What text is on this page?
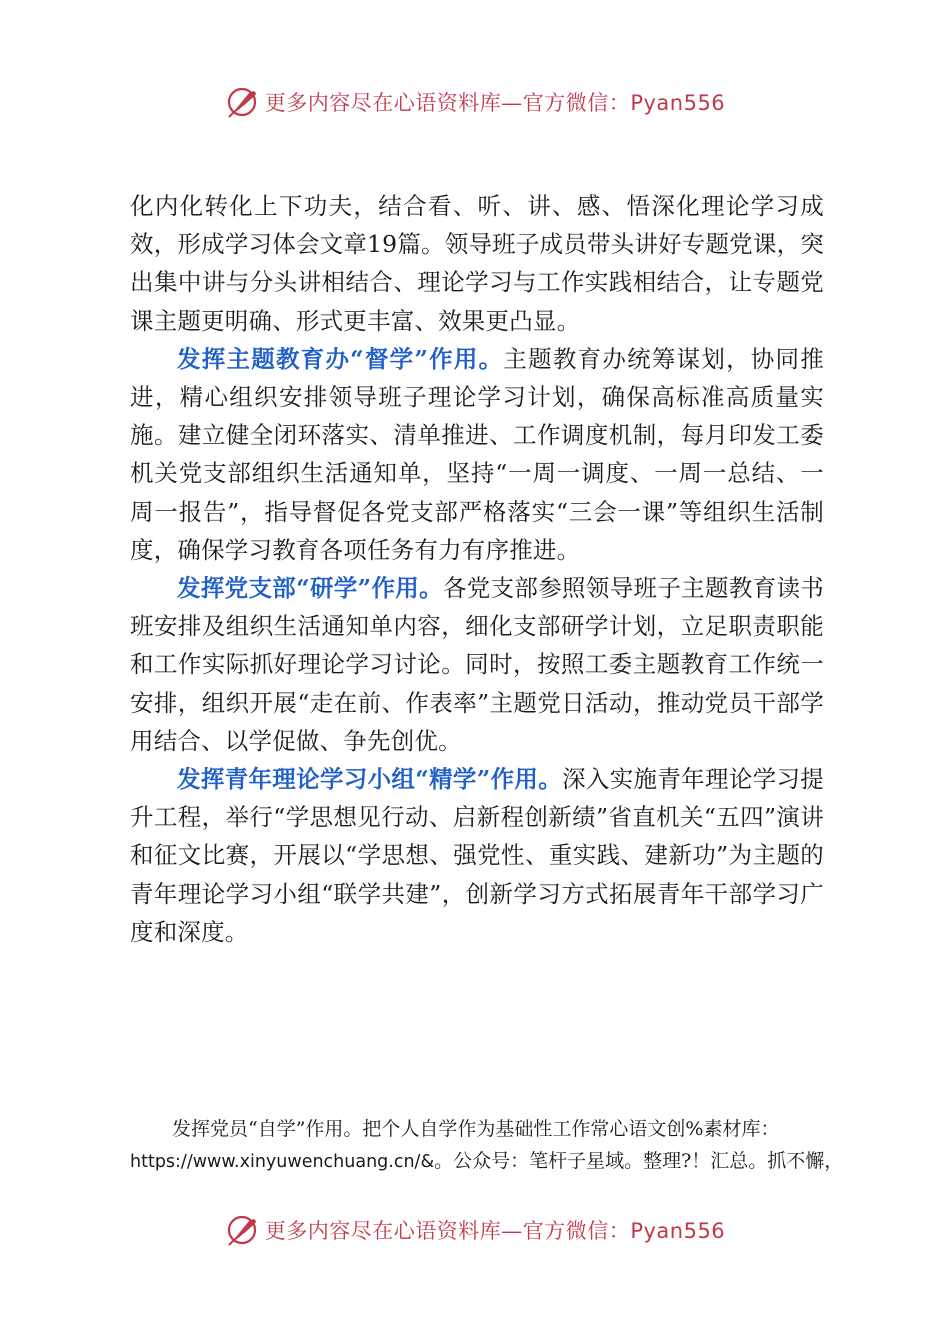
更多内容尽在心语资料库—官方微信：Pyan556

化内化转化上下功夫，结合看、听、讲、感、悟深化理论学习成效，形成学习体会文章19篇。领导班子成员带头讲好专题党课，突出集中讲与分头讲相结合、理论学习与工作实践相结合，让专题党课主题更明确、形式更丰富、效果更凸显。

发挥主题教育办“督学”作用。主题教育办统筹谋划，协同推进，精心组织安排领导班子理论学习计划，确保高标准高质量实施。建立健全闭环落实、清单推进、工作调度机制，每月印发工委机关党支部组织生活通知单，坚持“一周一调度、一周一总结、一周一报告”，指导督促各党支部严格落实“三会一课”等组织生活制度，确保学习教育各项任务有力有序推进。

发挥党支部“研学”作用。各党支部参照领导班子主题教育读书班安排及组织生活通知单内容，细化支部研学计划，立足职责职能和工作实际抓好理论学习讨论。同时，按照工委主题教育工作统一安排，组织开展“走在前、作表率”主题党日活动，推动党员干部学用结合、以学促做、争先创优。

发挥青年理论学习小组“精学”作用。深入实施青年理论学习提升工程，举行“学思想见行动、启新程创新绩”省直机关“五四”演讲和征文比赛，开展以“学思想、强党性、重实践、建新功”为主题的青年理论学习小组“联学共建”，创新学习方式拓展青年干部学习广度和深度。

发挥党员“自学”作用。把个人自学作为基础性工作常心语文创%素材库：
https://www.xinyuwenchuang.cn/&。公众号：笔杆子星域。整理?！汇总。抓不懈，
更多内容尽在心语资料库—官方微信：Pyan556
